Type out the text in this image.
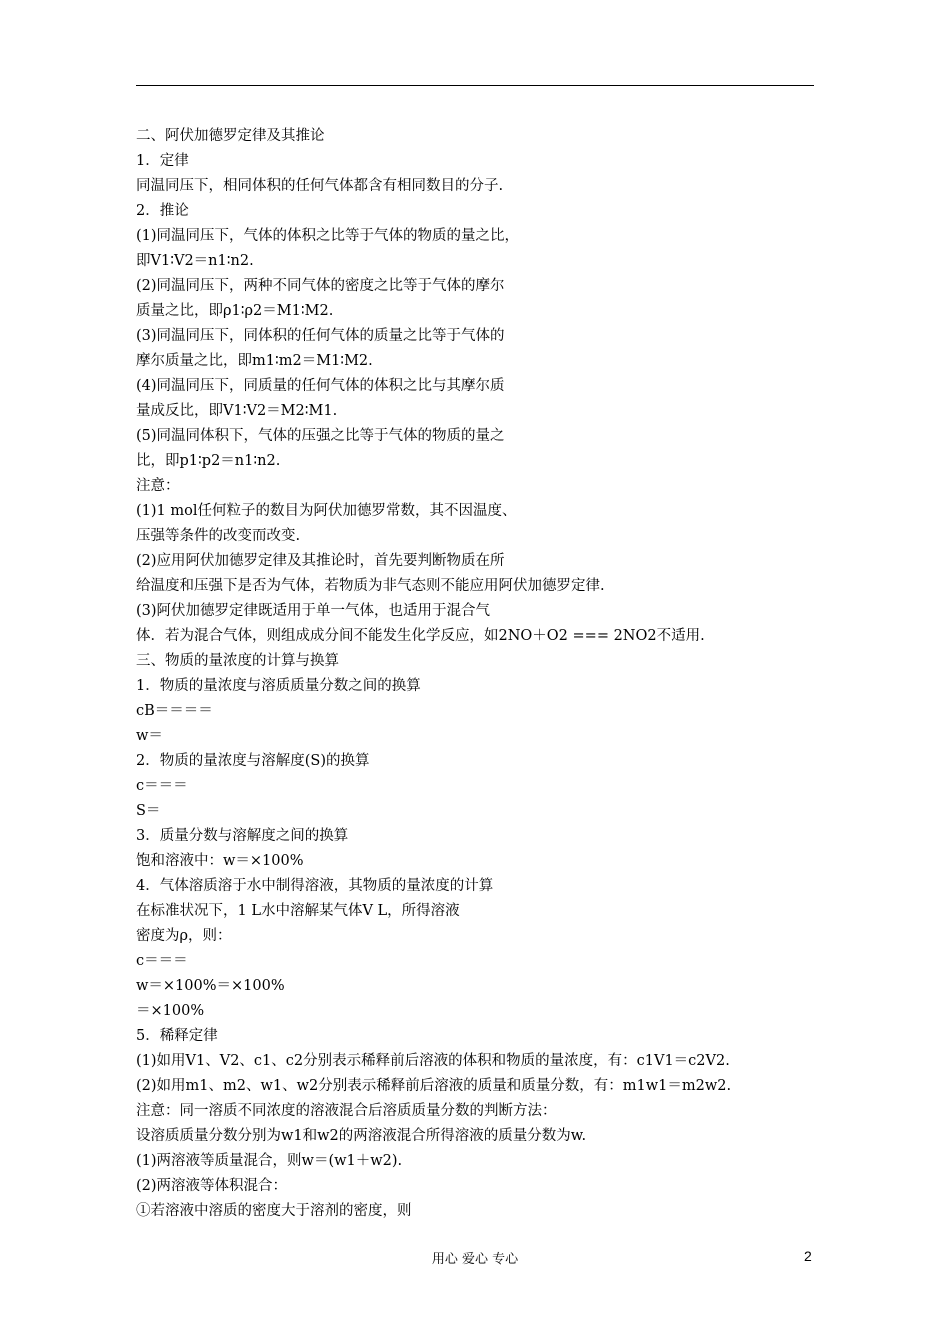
二、阿伏加德罗定律及其推论
1．定律
同温同压下，相同体积的任何气体都含有相同数目的分子.
2．推论
(1)同温同压下，气体的体积之比等于气体的物质的量之比，
即V1∶V2＝n1∶n2.
(2)同温同压下，两种不同气体的密度之比等于气体的摩尔
质量之比，即ρ1∶ρ2＝M1∶M2.
(3)同温同压下，同体积的任何气体的质量之比等于气体的
摩尔质量之比，即m1∶m2＝M1∶M2.
(4)同温同压下，同质量的任何气体的体积之比与其摩尔质
量成反比，即V1∶V2＝M2∶M1.
(5)同温同体积下，气体的压强之比等于气体的物质的量之
比，即p1∶p2＝n1∶n2.
注意：
(1)1 mol任何粒子的数目为阿伏加德罗常数，其不因温度、
压强等条件的改变而改变.
(2)应用阿伏加德罗定律及其推论时，首先要判断物质在所
给温度和压强下是否为气体，若物质为非气态则不能应用阿伏加德罗定律.
(3)阿伏加德罗定律既适用于单一气体，也适用于混合气
体．若为混合气体，则组成成分间不能发生化学反应，如2NO＋O2 === 2NO2不适用.
三、物质的量浓度的计算与换算
1．物质的量浓度与溶质质量分数之间的换算
cB＝＝＝＝
w＝
2．物质的量浓度与溶解度(S)的换算
c＝＝＝
S＝
3．质量分数与溶解度之间的换算
饱和溶液中：w＝×100%
4．气体溶质溶于水中制得溶液，其物质的量浓度的计算
在标准状况下，1 L水中溶解某气体V L，所得溶液
密度为ρ，则：
c＝＝＝
w＝×100%＝×100%
＝×100%
5．稀释定律
(1)如用V1、V2、c1、c2分别表示稀释前后溶液的体积和物质的量浓度，有：c1V1＝c2V2.
(2)如用m1、m2、w1、w2分别表示稀释前后溶液的质量和质量分数，有：m1w1＝m2w2.
注意：同一溶质不同浓度的溶液混合后溶质质量分数的判断方法：
设溶质质量分数分别为w1和w2的两溶液混合所得溶液的质量分数为w.
(1)两溶液等质量混合，则w＝(w1＋w2).
(2)两溶液等体积混合：
①若溶液中溶质的密度大于溶剂的密度，则
用心 爱心 专心	2
